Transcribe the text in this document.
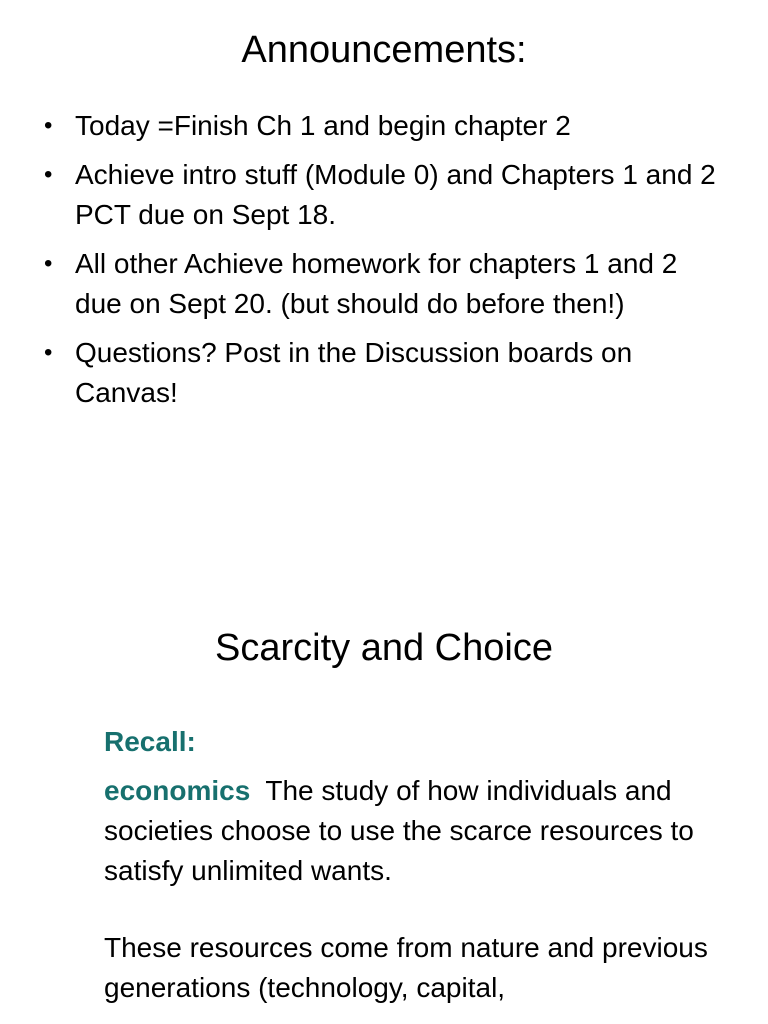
Announcements:
• Today =Finish Ch 1 and begin chapter 2
• Achieve intro stuff (Module 0) and Chapters 1 and 2 PCT due on Sept 18.
• All other Achieve homework for chapters 1 and 2 due on Sept 20. (but should do before then!)
• Questions? Post in the Discussion boards on Canvas!
Scarcity and Choice

Recall:

economics The study of how individuals and societies choose to use the scarce resources to satisfy unlimited wants.

These resources come from nature and previous generations (technology, capital,
